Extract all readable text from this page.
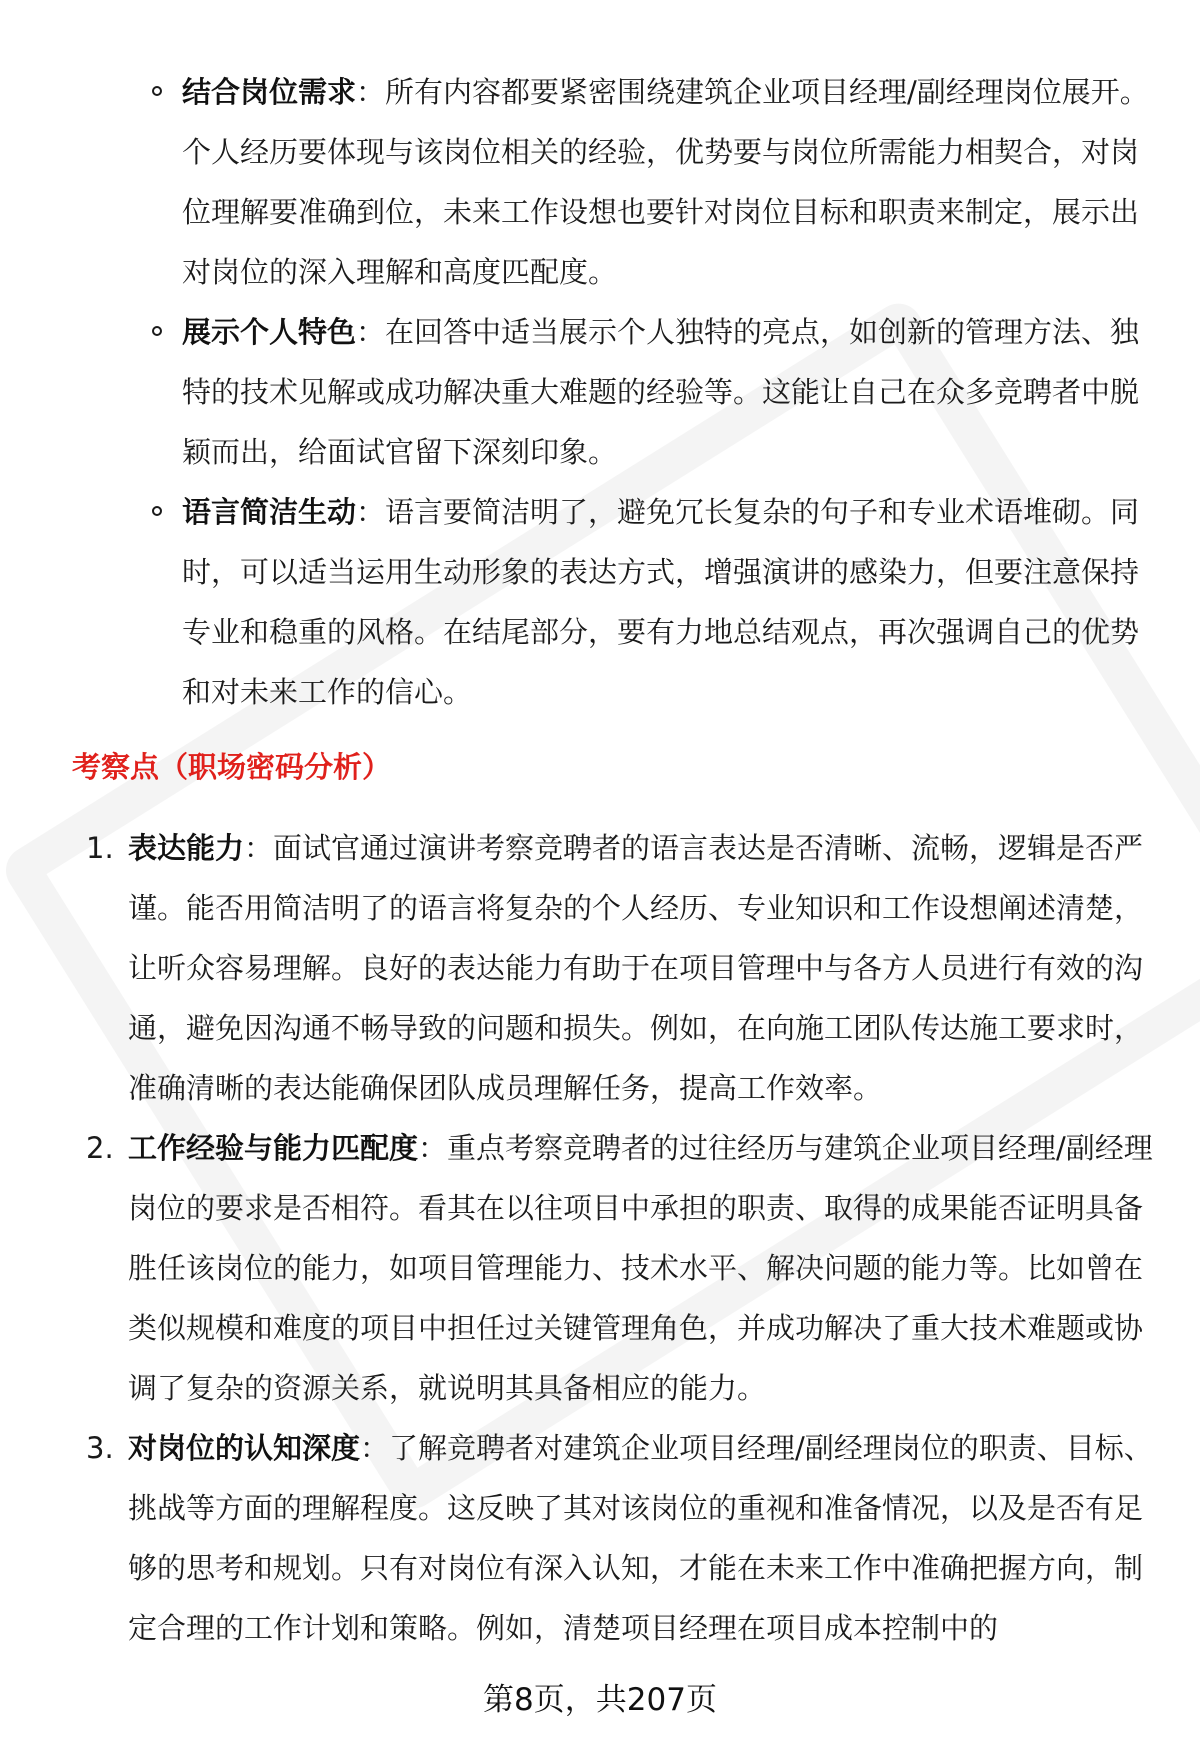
结合岗位需求：所有内容都要紧密围绕建筑企业项目经理/副经理岗位展开。个人经历要体现与该岗位相关的经验，优势要与岗位所需能力相契合，对岗位理解要准确到位，未来工作设想也要针对岗位目标和职责来制定，展示出对岗位的深入理解和高度匹配度。
展示个人特色：在回答中适当展示个人独特的亮点，如创新的管理方法、独特的技术见解或成功解决重大难题的经验等。这能让自己在众多竞聘者中脱颖而出，给面试官留下深刻印象。
语言简洁生动：语言要简洁明了，避免冗长复杂的句子和专业术语堆砌。同时，可以适当运用生动形象的表达方式，增强演讲的感染力，但要注意保持专业和稳重的风格。在结尾部分，要有力地总结观点，再次强调自己的优势和对未来工作的信心。
考察点（职场密码分析）
1. 表达能力：面试官通过演讲考察竞聘者的语言表达是否清晰、流畅，逻辑是否严谨。能否用简洁明了的语言将复杂的个人经历、专业知识和工作设想阐述清楚，让听众容易理解。良好的表达能力有助于在项目管理中与各方人员进行有效的沟通，避免因沟通不畅导致的问题和损失。例如，在向施工团队传达施工要求时，准确清晰的表达能确保团队成员理解任务，提高工作效率。
2. 工作经验与能力匹配度：重点考察竞聘者的过往经历与建筑企业项目经理/副经理岗位的要求是否相符。看其在以往项目中承担的职责、取得的成果能否证明具备胜任该岗位的能力，如项目管理能力、技术水平、解决问题的能力等。比如曾在类似规模和难度的项目中担任过关键管理角色，并成功解决了重大技术难题或协调了复杂的资源关系，就说明其具备相应的能力。
3. 对岗位的认知深度：了解竞聘者对建筑企业项目经理/副经理岗位的职责、目标、挑战等方面的理解程度。这反映了其对该岗位的重视和准备情况，以及是否有足够的思考和规划。只有对岗位有深入认知，才能在未来工作中准确把握方向，制定合理的工作计划和策略。例如，清楚项目经理在项目成本控制中的
第8页，共207页
